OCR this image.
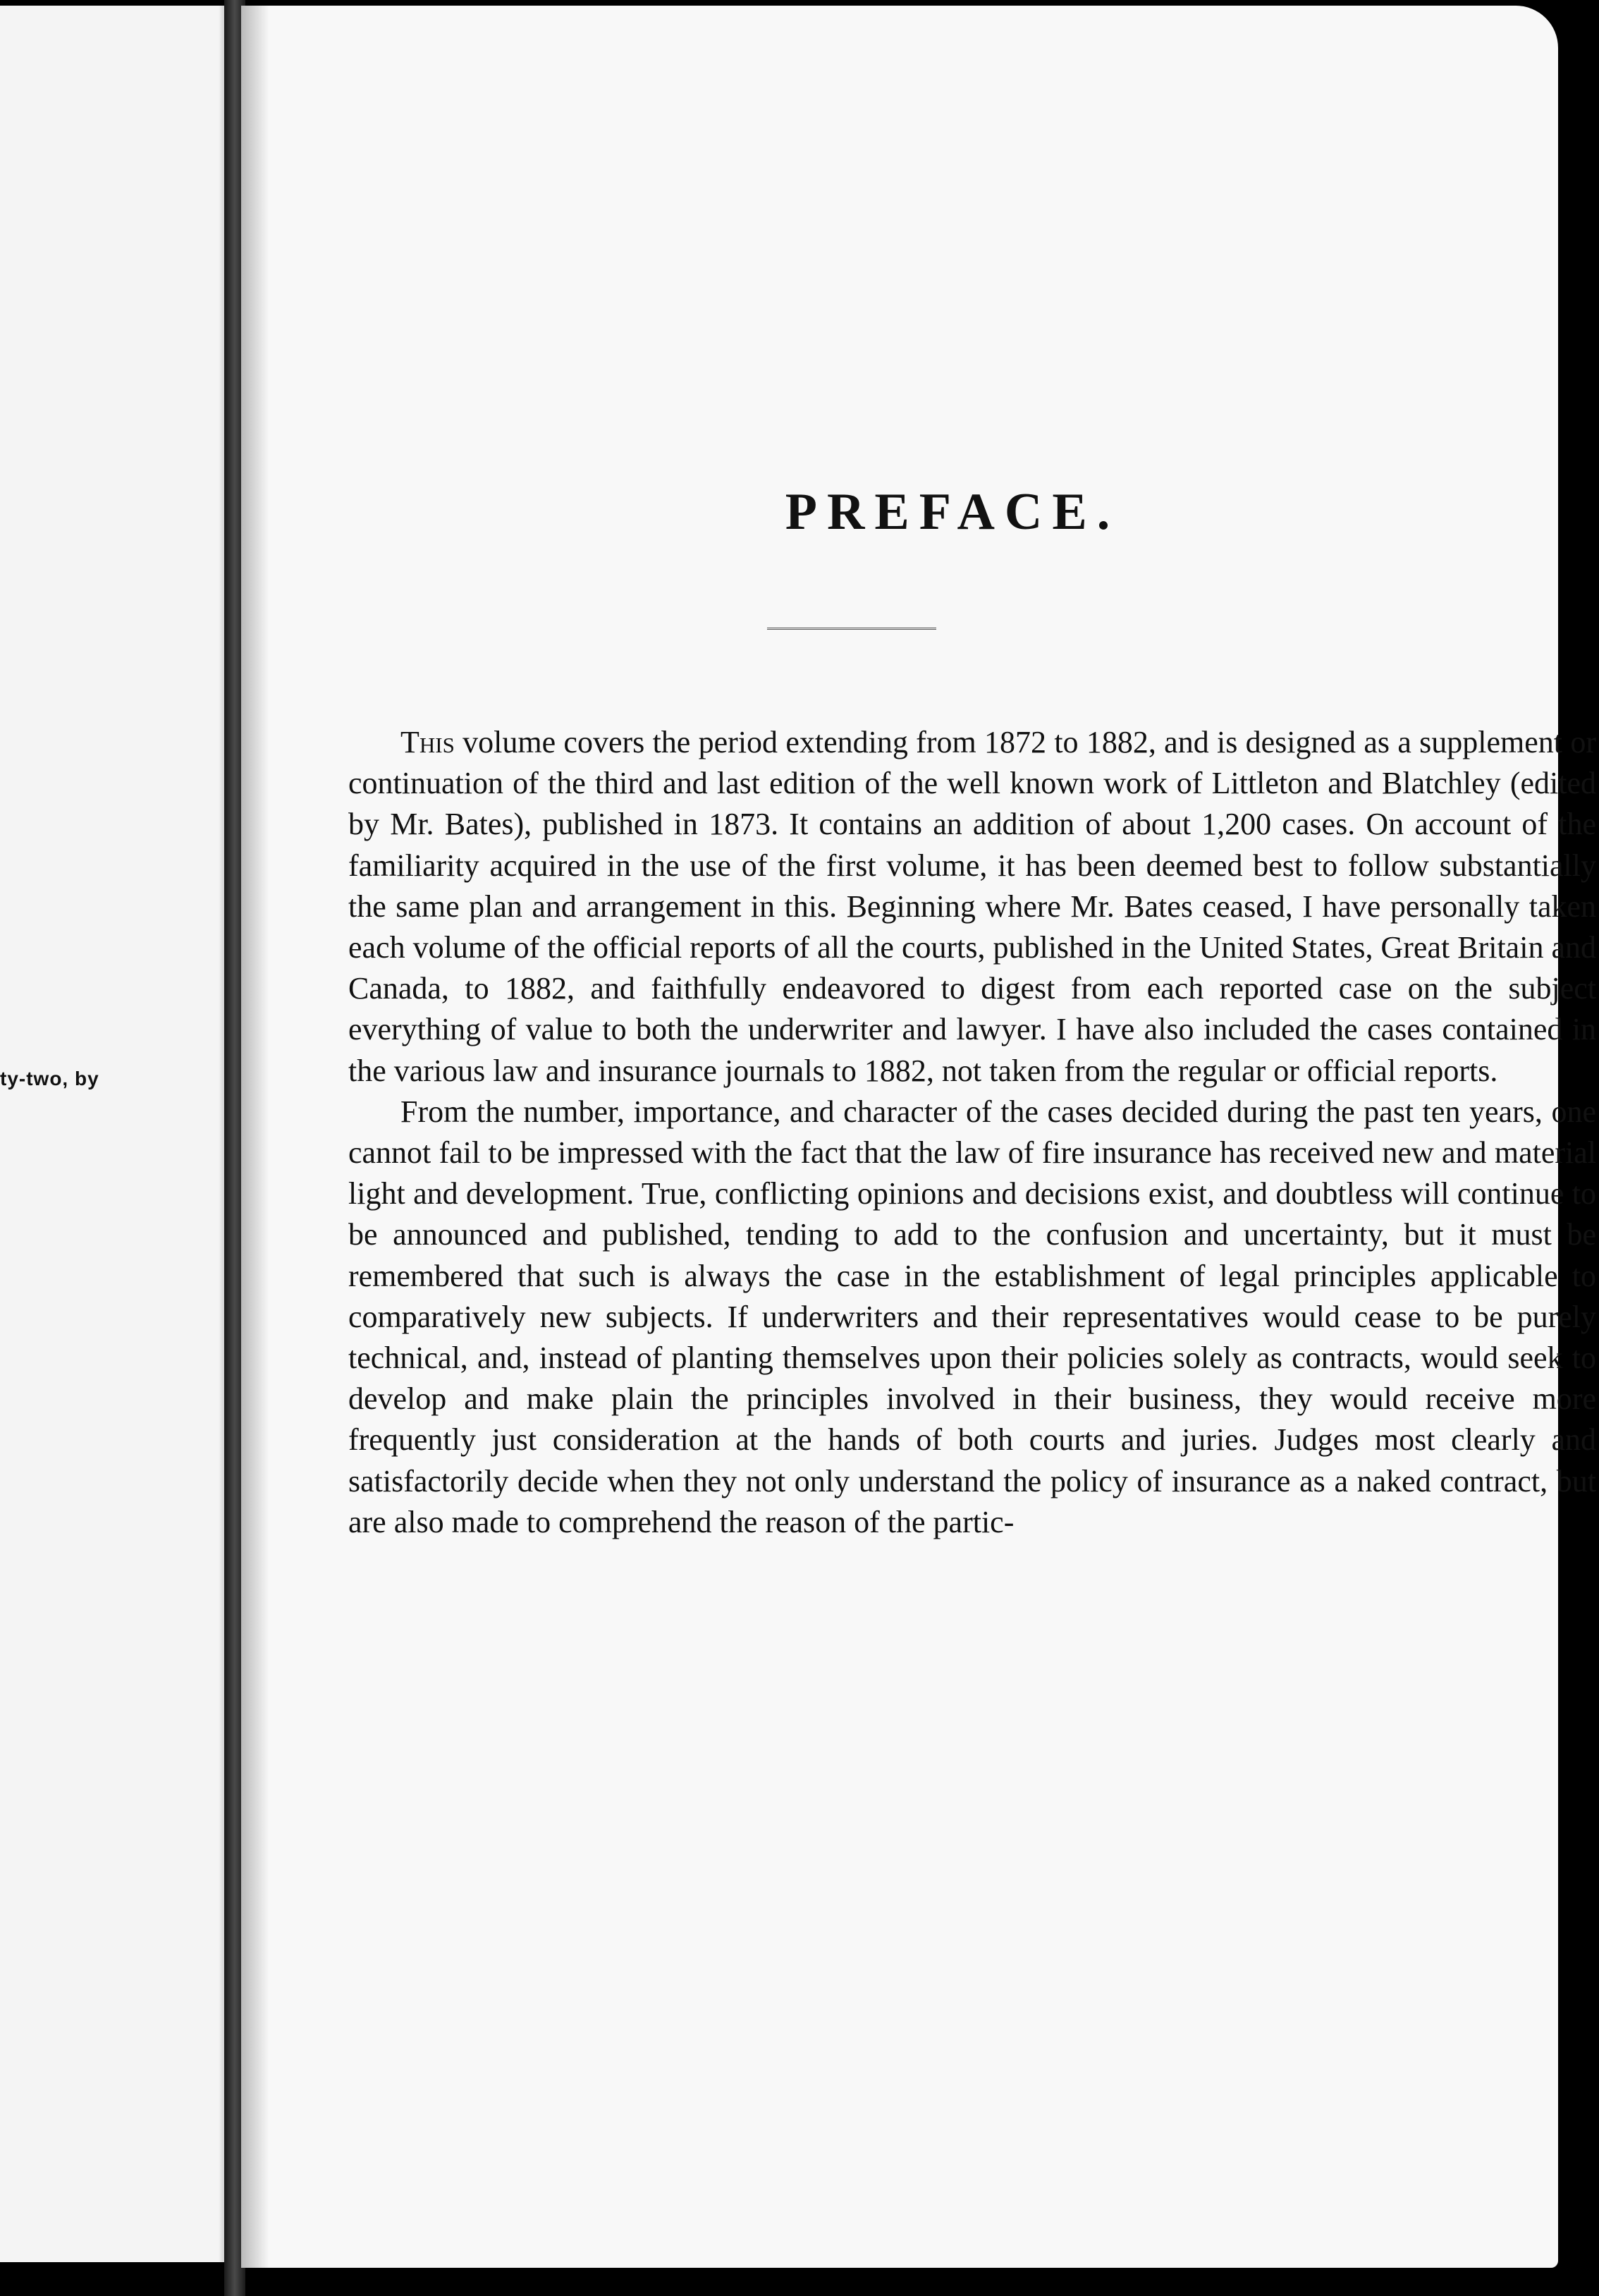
ty-two, by
PREFACE.

This volume covers the period extending from 1872 to 1882, and is designed as a supplement or continuation of the third and last edition of the well known work of Littleton and Blatchley (edited by Mr. Bates), published in 1873. It contains an addition of about 1,200 cases. On account of the familiarity acquired in the use of the first volume, it has been deemed best to follow substantially the same plan and arrangement in this. Beginning where Mr. Bates ceased, I have personally taken each volume of the official reports of all the courts, published in the United States, Great Britain and Canada, to 1882, and faithfully endeavored to digest from each reported case on the subject everything of value to both the underwriter and lawyer. I have also included the cases contained in the various law and insurance journals to 1882, not taken from the regular or official reports.

From the number, importance, and character of the cases decided during the past ten years, one cannot fail to be impressed with the fact that the law of fire insurance has received new and material light and development. True, conflicting opinions and decisions exist, and doubtless will continue to be announced and published, tending to add to the confusion and uncertainty, but it must be remembered that such is always the case in the establishment of legal principles applicable to comparatively new subjects. If underwriters and their representatives would cease to be purely technical, and, instead of planting themselves upon their policies solely as contracts, would seek to develop and make plain the principles involved in their business, they would receive more frequently just consideration at the hands of both courts and juries. Judges most clearly and satisfactorily decide when they not only understand the policy of insurance as a naked contract, but are also made to comprehend the reason of the partic-
